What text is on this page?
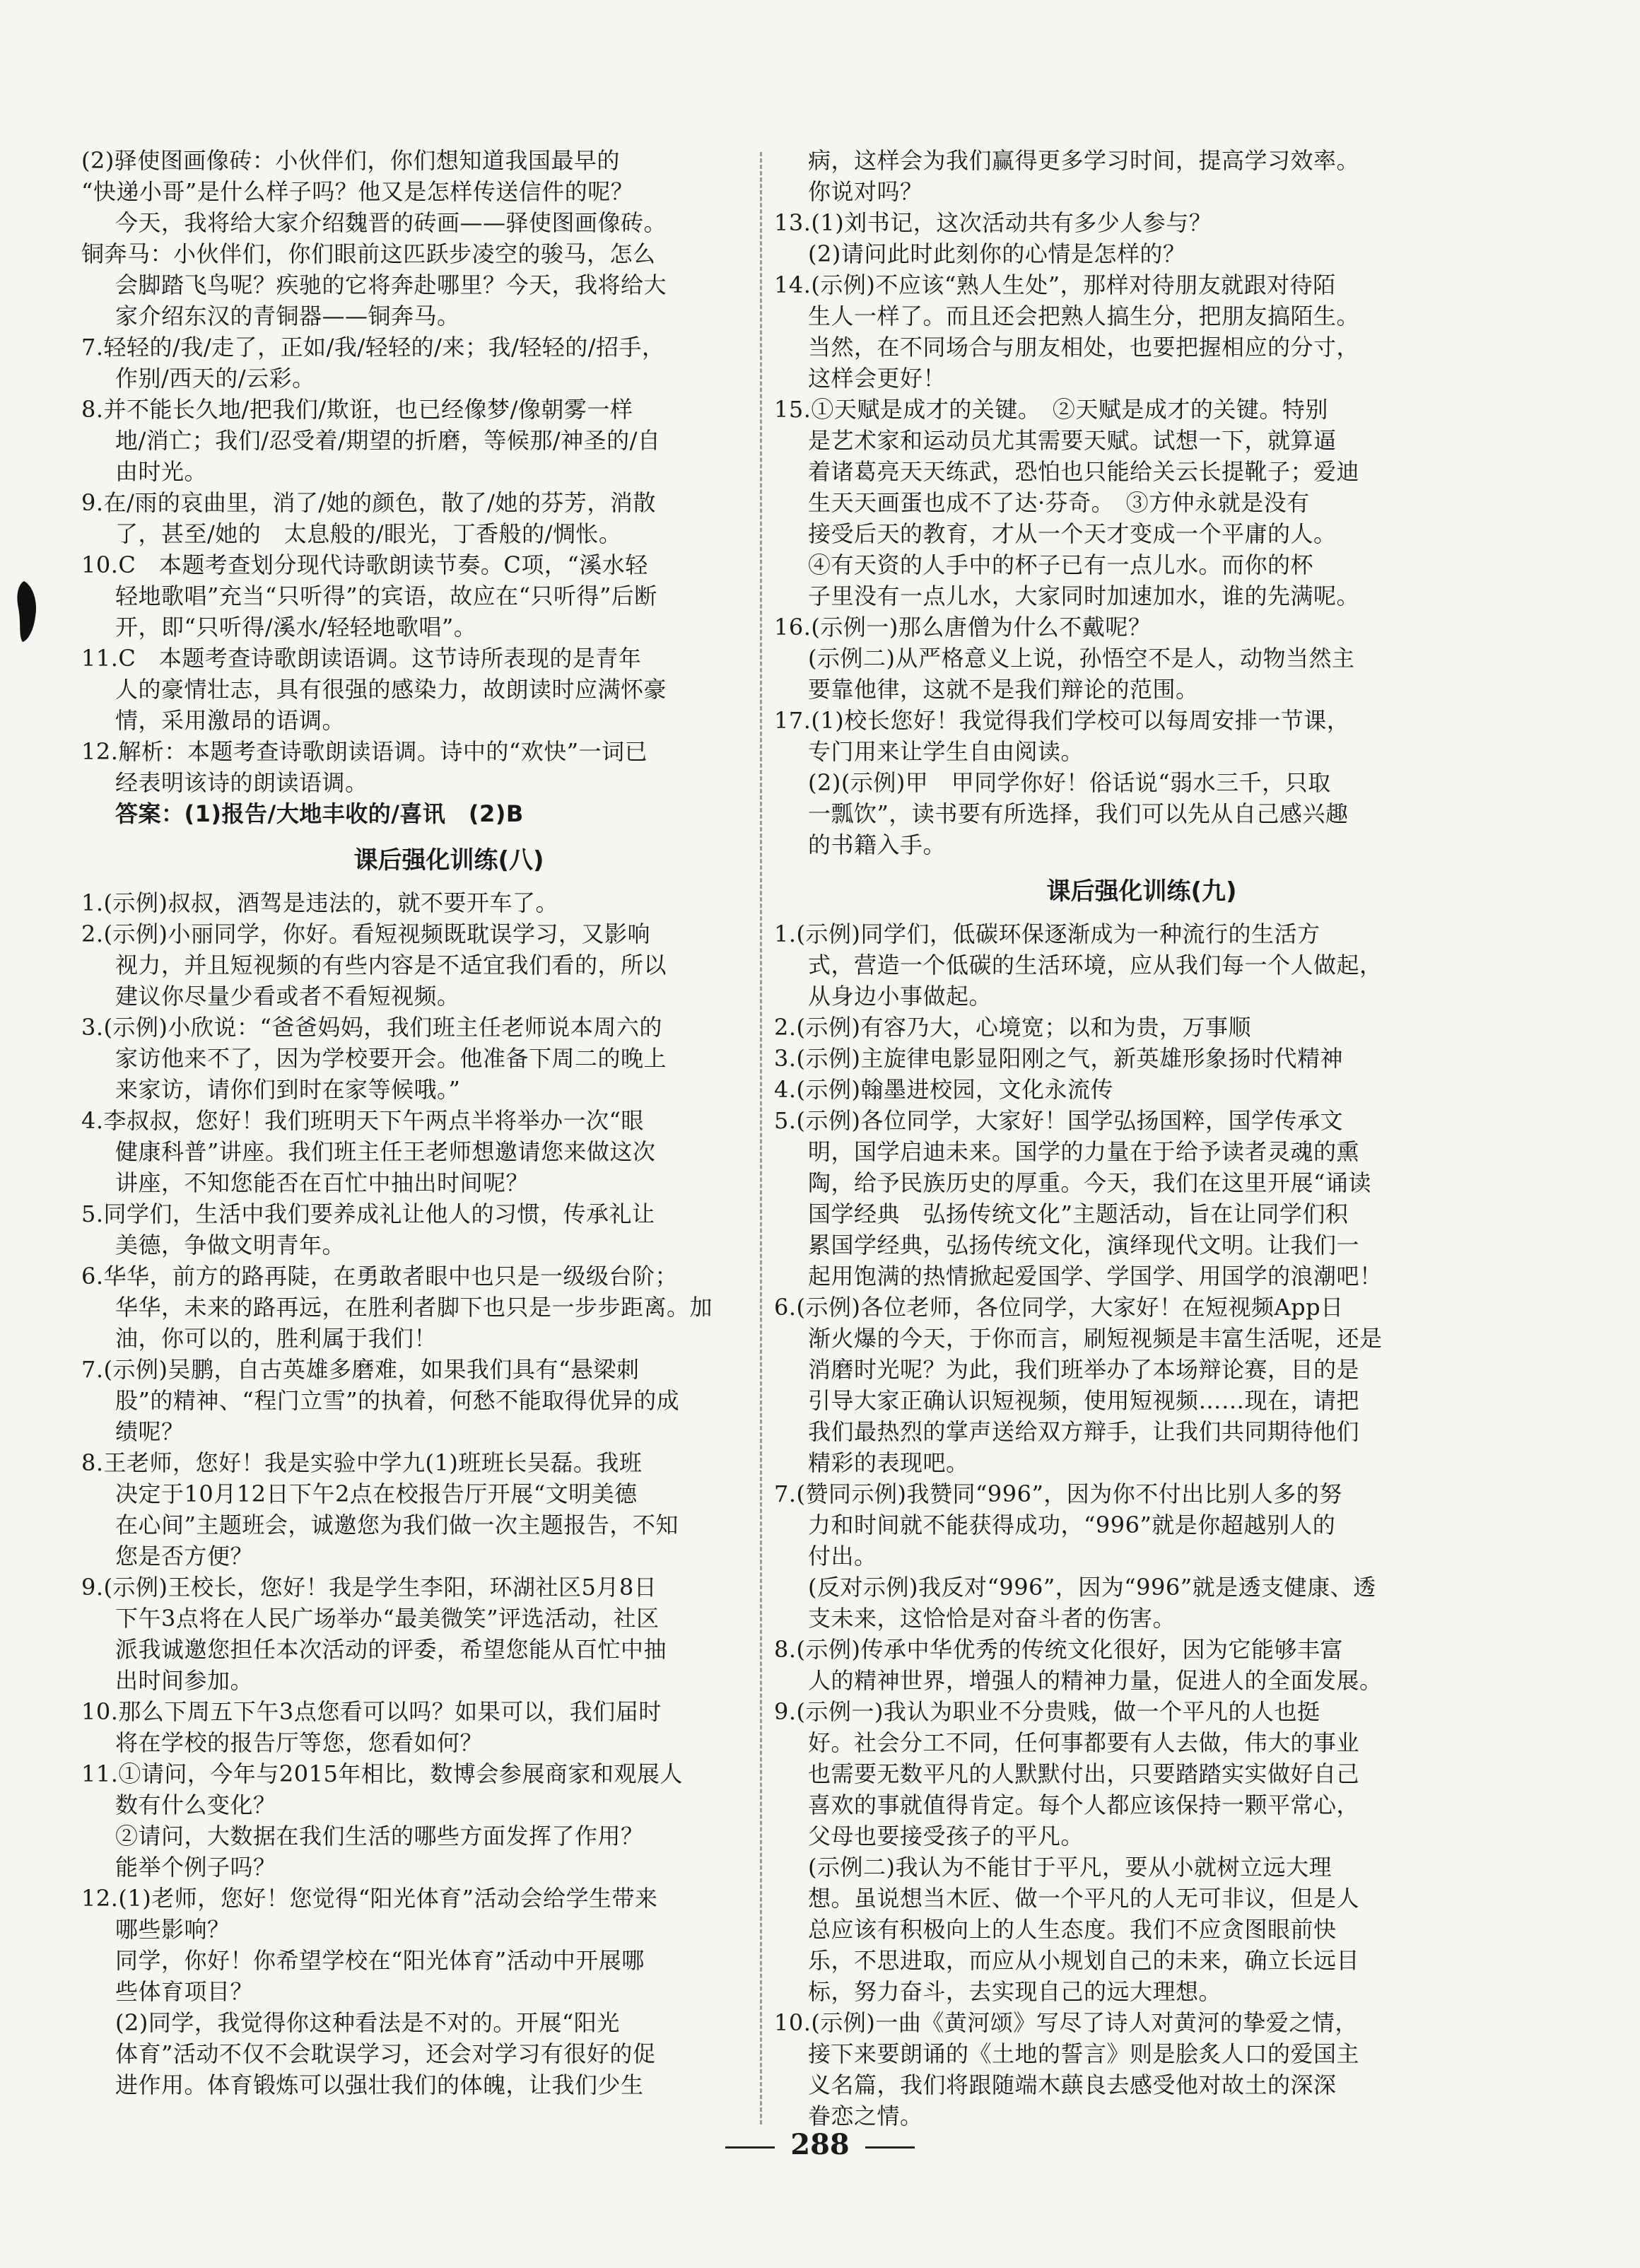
(2)驿使图画像砖：小伙伴们，你们想知道我国最早的
“快递小哥”是什么样子吗？他又是怎样传送信件的呢？
今天，我将给大家介绍魏晋的砖画——驿使图画像砖。
铜奔马：小伙伴们，你们眼前这匹跃步凌空的骏马，怎么
会脚踏飞鸟呢？疾驰的它将奔赴哪里？今天，我将给大
家介绍东汉的青铜器——铜奔马。
7.轻轻的/我/走了，正如/我/轻轻的/来；我/轻轻的/招手，
作别/西天的/云彩。
8.并不能长久地/把我们/欺诳，也已经像梦/像朝雾一样
地/消亡；我们/忍受着/期望的折磨，等候那/神圣的/自
由时光。
9.在/雨的哀曲里，消了/她的颜色，散了/她的芬芳，消散
了，甚至/她的　太息般的/眼光，丁香般的/惆怅。
10.C　本题考查划分现代诗歌朗读节奏。C项，“溪水轻
轻地歌唱”充当“只听得”的宾语，故应在“只听得”后断
开，即“只听得/溪水/轻轻地歌唱”。
11.C　本题考查诗歌朗读语调。这节诗所表现的是青年
人的豪情壮志，具有很强的感染力，故朗读时应满怀豪
情，采用激昂的语调。
12.解析：本题考查诗歌朗读语调。诗中的“欢快”一词已
经表明该诗的朗读语调。
答案：(1)报告/大地丰收的/喜讯　(2)B
课后强化训练(八)
1.(示例)叔叔，酒驾是违法的，就不要开车了。
2.(示例)小丽同学，你好。看短视频既耽误学习，又影响
视力，并且短视频的有些内容是不适宜我们看的，所以
建议你尽量少看或者不看短视频。
3.(示例)小欣说：“爸爸妈妈，我们班主任老师说本周六的
家访他来不了，因为学校要开会。他准备下周二的晚上
来家访，请你们到时在家等候哦。”
4.李叔叔，您好！我们班明天下午两点半将举办一次“眼
健康科普”讲座。我们班主任王老师想邀请您来做这次
讲座，不知您能否在百忙中抽出时间呢？
5.同学们，生活中我们要养成礼让他人的习惯，传承礼让
美德，争做文明青年。
6.华华，前方的路再陡，在勇敢者眼中也只是一级级台阶；
华华，未来的路再远，在胜利者脚下也只是一步步距离。加
油，你可以的，胜利属于我们！
7.(示例)吴鹏，自古英雄多磨难，如果我们具有“悬梁刺
股”的精神、“程门立雪”的执着，何愁不能取得优异的成
绩呢？
8.王老师，您好！我是实验中学九(1)班班长吴磊。我班
决定于10月12日下午2点在校报告厅开展“文明美德
在心间”主题班会，诚邀您为我们做一次主题报告，不知
您是否方便？
9.(示例)王校长，您好！我是学生李阳，环湖社区5月8日
下午3点将在人民广场举办“最美微笑”评选活动，社区
派我诚邀您担任本次活动的评委，希望您能从百忙中抽
出时间参加。
10.那么下周五下午3点您看可以吗？如果可以，我们届时
将在学校的报告厅等您，您看如何？
11.①请问，今年与2015年相比，数博会参展商家和观展人
数有什么变化？
②请问，大数据在我们生活的哪些方面发挥了作用？
能举个例子吗？
12.(1)老师，您好！您觉得“阳光体育”活动会给学生带来
哪些影响？
同学，你好！你希望学校在“阳光体育”活动中开展哪
些体育项目？
(2)同学，我觉得你这种看法是不对的。开展“阳光
体育”活动不仅不会耽误学习，还会对学习有很好的促
进作用。体育锻炼可以强壮我们的体魄，让我们少生
病，这样会为我们赢得更多学习时间，提高学习效率。
你说对吗？
13.(1)刘书记，这次活动共有多少人参与？
(2)请问此时此刻你的心情是怎样的？
14.(示例)不应该“熟人生处”，那样对待朋友就跟对待陌
生人一样了。而且还会把熟人搞生分，把朋友搞陌生。
当然，在不同场合与朋友相处，也要把握相应的分寸，
这样会更好！
15.①天赋是成才的关键。　②天赋是成才的关键。特别
是艺术家和运动员尤其需要天赋。试想一下，就算逼
着诸葛亮天天练武，恐怕也只能给关云长提靴子；爱迪
生天天画蛋也成不了达·芬奇。　③方仲永就是没有
接受后天的教育，才从一个天才变成一个平庸的人。
④有天资的人手中的杯子已有一点儿水。而你的杯
子里没有一点儿水，大家同时加速加水，谁的先满呢。
16.(示例一)那么唐僧为什么不戴呢？
(示例二)从严格意义上说，孙悟空不是人，动物当然主
要靠他律，这就不是我们辩论的范围。
17.(1)校长您好！我觉得我们学校可以每周安排一节课，
专门用来让学生自由阅读。
(2)(示例)甲　甲同学你好！俗话说“弱水三千，只取
一瓢饮”，读书要有所选择，我们可以先从自己感兴趣
的书籍入手。
课后强化训练(九)
1.(示例)同学们，低碳环保逐渐成为一种流行的生活方
式，营造一个低碳的生活环境，应从我们每一个人做起，
从身边小事做起。
2.(示例)有容乃大，心境宽；以和为贵，万事顺
3.(示例)主旋律电影显阳刚之气，新英雄形象扬时代精神
4.(示例)翰墨进校园，文化永流传
5.(示例)各位同学，大家好！国学弘扬国粹，国学传承文
明，国学启迪未来。国学的力量在于给予读者灵魂的熏
陶，给予民族历史的厚重。今天，我们在这里开展“诵读
国学经典　弘扬传统文化”主题活动，旨在让同学们积
累国学经典，弘扬传统文化，演绎现代文明。让我们一
起用饱满的热情掀起爱国学、学国学、用国学的浪潮吧！
6.(示例)各位老师，各位同学，大家好！在短视频App日
渐火爆的今天，于你而言，刷短视频是丰富生活呢，还是
消磨时光呢？为此，我们班举办了本场辩论赛，目的是
引导大家正确认识短视频，使用短视频……现在，请把
我们最热烈的掌声送给双方辩手，让我们共同期待他们
精彩的表现吧。
7.(赞同示例)我赞同“996”，因为你不付出比别人多的努
力和时间就不能获得成功，“996”就是你超越别人的
付出。
(反对示例)我反对“996”，因为“996”就是透支健康、透
支未来，这恰恰是对奋斗者的伤害。
8.(示例)传承中华优秀的传统文化很好，因为它能够丰富
人的精神世界，增强人的精神力量，促进人的全面发展。
9.(示例一)我认为职业不分贵贱，做一个平凡的人也挺
好。社会分工不同，任何事都要有人去做，伟大的事业
也需要无数平凡的人默默付出，只要踏踏实实做好自己
喜欢的事就值得肯定。每个人都应该保持一颗平常心，
父母也要接受孩子的平凡。
(示例二)我认为不能甘于平凡，要从小就树立远大理
想。虽说想当木匠、做一个平凡的人无可非议，但是人
总应该有积极向上的人生态度。我们不应贪图眼前快
乐，不思进取，而应从小规划自己的未来，确立长远目
标，努力奋斗，去实现自己的远大理想。
10.(示例)一曲《黄河颂》写尽了诗人对黄河的挚爱之情，
接下来要朗诵的《土地的誓言》则是脍炙人口的爱国主
义名篇，我们将跟随端木蕻良去感受他对故土的深深
眷恋之情。
288
